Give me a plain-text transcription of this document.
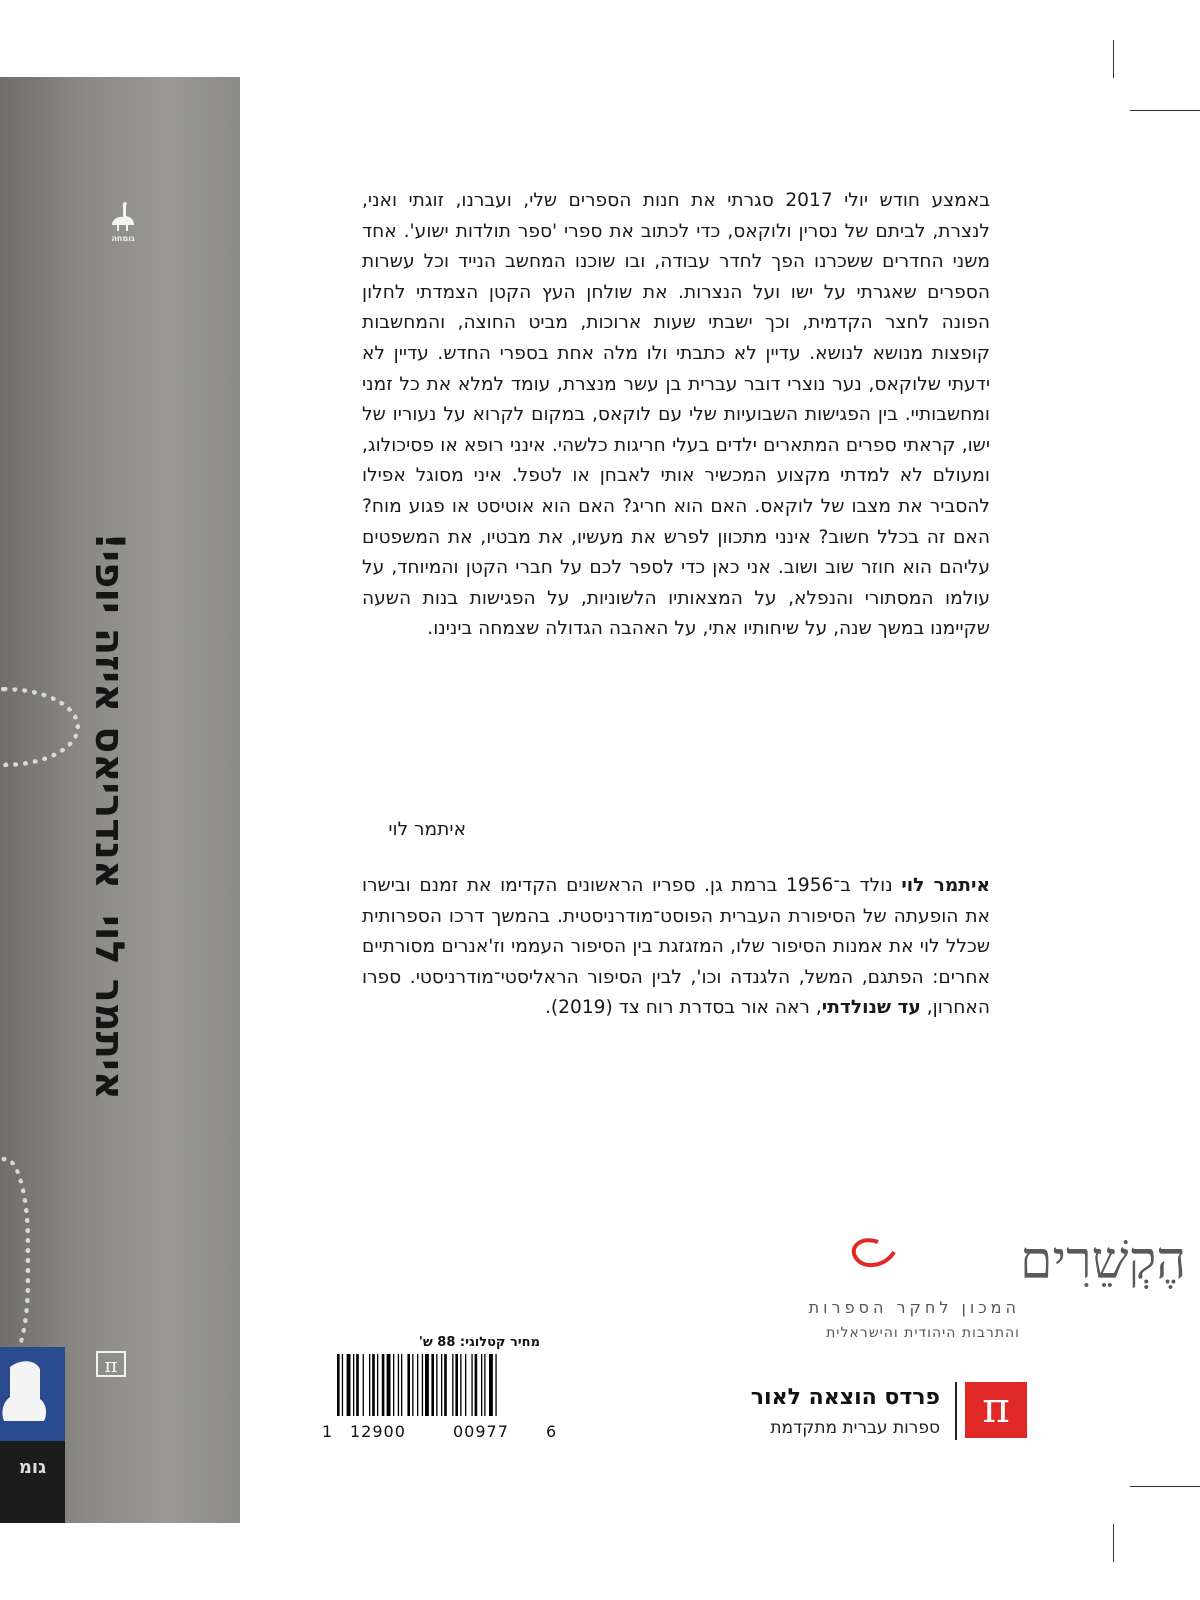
גומחה
איתמר לויאנדריאס איזה יופי!
π
גומ

באמצע חודש יולי 2017 סגרתי את חנות הספרים שלי, ועברנו, זוגתי ואני, לנצרת, לביתם של נסרין ולוקאס, כדי לכתוב את ספרי 'ספר תולדות ישוע'. אחד משני החדרים ששכרנו הפך לחדר עבודה, ובו שוכנו המחשב הנייד וכל עשרות הספרים שאגרתי על ישו ועל הנצרות. את שולחן העץ הקטן הצמדתי לחלון הפונה לחצר הקדמית, וכך ישבתי שעות ארוכות, מביט החוצה, והמחשבות קופצות מנושא לנושא. עדיין לא כתבתי ולו מלה אחת בספרי החדש. עדיין לא ידעתי שלוקאס, נער נוצרי דובר עברית בן עשר מנצרת, עומד למלא את כל זמני ומחשבותיי. בין הפגישות השבועיות שלי עם לוקאס, במקום לקרוא על נעוריו של ישו, קראתי ספרים המתארים ילדים בעלי חריגות כלשהי. אינני רופא או פסיכולוג, ומעולם לא למדתי מקצוע המכשיר אותי לאבחן או לטפל. איני מסוגל אפילו להסביר את מצבו של לוקאס. האם הוא חריג? האם הוא אוטיסט או פגוע מוח? האם זה בכלל חשוב? אינני מתכוון לפרש את מעשיו, את מבטיו, את המשפטים עליהם הוא חוזר שוב ושוב. אני כאן כדי לספר לכם על חברי הקטן והמיוחד, על עולמו המסתורי והנפלא, על המצאותיו הלשוניות, על הפגישות בנות השעה שקיימנו במשך שנה, על שיחותיו אתי, על האהבה הגדולה שצמחה בינינו.

איתמר לוי
איתמר לוי נולד ב־1956 ברמת גן. ספריו הראשונים הקדימו את זמנם ובישרו את הופעתה של הסיפורת העברית הפוסט־מודרניסטית. בהמשך דרכו הספרותית שכלל לוי את אמנות הסיפור שלו, המזגזגת בין הסיפור העממי וז'אנרים מסורתיים אחרים: הפתגם, המשל, הלגנדה וכו', לבין הסיפור הראליסטי־מודרניסטי. ספרו האחרון, עד שנולדתי, ראה אור בסדרת רוח צד (2019).
הֶקְשֵׁרִים
המכון לחקר הספרות
והתרבות היהודית והישראלית
π
פרדס הוצאה לאור
ספרות עברית מתקדמת
מחיר קטלוגי: 88 ש'
1 12900	00977 6
